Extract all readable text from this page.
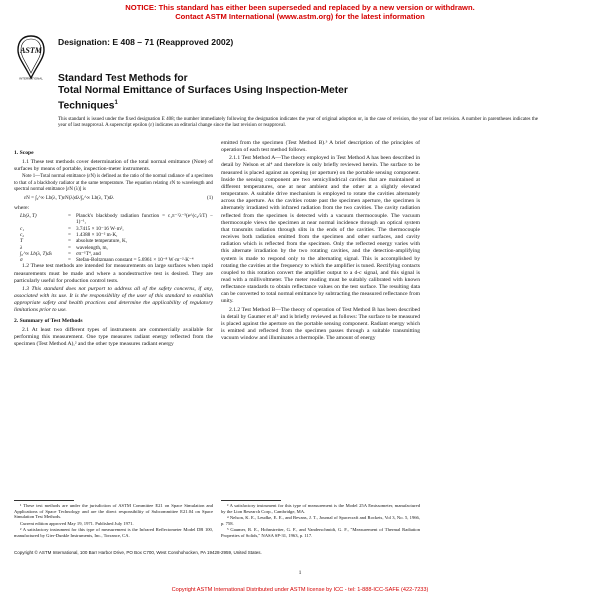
NOTICE: This standard has either been superseded and replaced by a new version or withdrawn.
Contact ASTM International (www.astm.org) for the latest information
ASTM
INTERNATIONAL
Designation: E 408 – 71 (Reapproved 2002)
Standard Test Methods for
Total Normal Emittance of Surfaces Using Inspection-Meter
Techniques$^1$
This standard is issued under the fixed designation E 408; the number immediately following the designation indicates the year of original adoption or, in the case of revision, the year of last revision. A number in parentheses indicates the year of last reapproval. A superscript epsilon (ε) indicates an editorial change since the last revision or reapproval.

1. Scope

1.1 These test methods cover determination of the total normal emittance (Note) of surfaces by means of portable, inspection-meter instruments.

Note 1—Total normal emittance (εN) is defined as the ratio of the normal radiance of a specimen to that of a blackbody radiator at the same temperature. The equation relating εN to wavelength and spectral normal emittance [εN (λ)] is

εN = ∫₀^∞ Lb(λ, T)εN(λ)dλ/∫₀^∞ Lb(λ, T)dλ	(1)

where:

Lb(λ, T)	=	Planck's blackbody radiation function = c₁π⁻¹λ⁻⁵(e^(c₂/λT) − 1)⁻¹,
c₁	=	3.7415 × 10⁻16 W·m²,
c₂	=	1.4388 × 10⁻² m·K,
T	=	absolute temperature, K,
λ	=	wavelength, m,
∫₀^∞ Lb(λ, T)dλ	=	σπ⁻¹T⁴, and
σ	=	Stefan-Boltzmann constant = 5.6961 × 10⁻⁸ W·m⁻²·K⁻⁴

1.2 These test methods are intended for measurements on large surfaces when rapid measurements must be made and where a nondestructive test is desired. They are particularly useful for production control tests.

1.3 This standard does not purport to address all of the safety concerns, if any, associated with its use. It is the responsibility of the user of this standard to establish appropriate safety and health practices and determine the applicability of regulatory limitations prior to use.

2. Summary of Test Methods

2.1 At least two different types of instruments are commercially available for performing this measurement. One type measures radiant energy reflected from the specimen (Test Method A),² and the other type measures radiant energy

emitted from the specimen (Test Method B).³ A brief description of the principles of operation of each test method follows.

2.1.1 Test Method A—The theory employed in Test Method A has been described in detail by Nelson et al⁴ and therefore is only briefly reviewed herein. The surface to be measured is placed against an opening (or aperture) on the portable sensing component. Inside the sensing component are two semicylindrical cavities that are maintained at different temperatures, one at near ambient and the other at a slightly elevated temperature. A suitable drive mechanism is employed to rotate the cavities alternately across the aperture. As the cavities rotate past the specimen aperture, the specimen is alternately irradiated with infrared radiation from the two cavities. The cavity radiation reflected from the specimen is detected with a vacuum thermocouple. The vacuum thermocouple views the specimen at near normal incidence through an optical system that transmits radiation through slits in the ends of the cavities. The thermocouple receives both radiation emitted from the specimen and other surfaces, and cavity radiation which is reflected from the specimen. Only the reflected energy varies with this alternate irradiation by the two rotating cavities, and the detection-amplifying system is made to respond only to the alternating signal. This is accomplished by rotating the cavities at the frequency to which the amplifier is tuned. Rectifying contacts coupled to this rotation convert the amplifier output to a d-c signal, and this signal is read with a millivoltmeter. The meter reading must be suitably calibrated with known reflectance standards to obtain reflectance values on the test surface. The resulting data can be converted to total normal emittance by subtracting the measured reflectance from unity.

2.1.2 Test Method B—The theory of operation of Test Method B has been described in detail by Gaumer et al⁵ and is briefly reviewed as follows: The surface to be measured is placed against the aperture on the portable sensing component. Radiant energy which is emitted and reflected from the specimen passes through a suitable transmitting vacuum window and illuminates a thermopile. The amount of energy

¹ These test methods are under the jurisdiction of ASTM Committee E21 on Space Simulation and Applications of Space Technology and are the direct responsibility of Subcommittee E21.04 on Space Simulation Test Methods.

Current edition approved May 19, 1971. Published July 1971.

² A satisfactory instrument for this type of measurement is the Infrared Reflectometer Model DB 100, manufactured by Gier-Dunkle Instruments, Inc., Torrance, CA.

³ A satisfactory instrument for this type of measurement is the Model 25A Emissometer, manufactured by the Lion Research Corp., Cambridge, MA.

⁴ Nelson, K. E., Leudke, E. E., and Bevans, J. T., Journal of Spacecraft and Rockets, Vol 3, No. 5, 1966, p. 758.

⁵ Gaumer, R. E., Hohnstreiter, G. F., and Vanderschmidt, G. F., "Measurement of Thermal Radiation Properties of Solids," NASA SP-31, 1963, p. 117.

Copyright © ASTM International, 100 Barr Harbor Drive, PO Box C700, West Conshohocken, PA 19428-2959, United States.
1
Copyright ASTM International Distributed under ASTM license by ICC - tel: 1-888-ICC-SAFE (422-7233)
